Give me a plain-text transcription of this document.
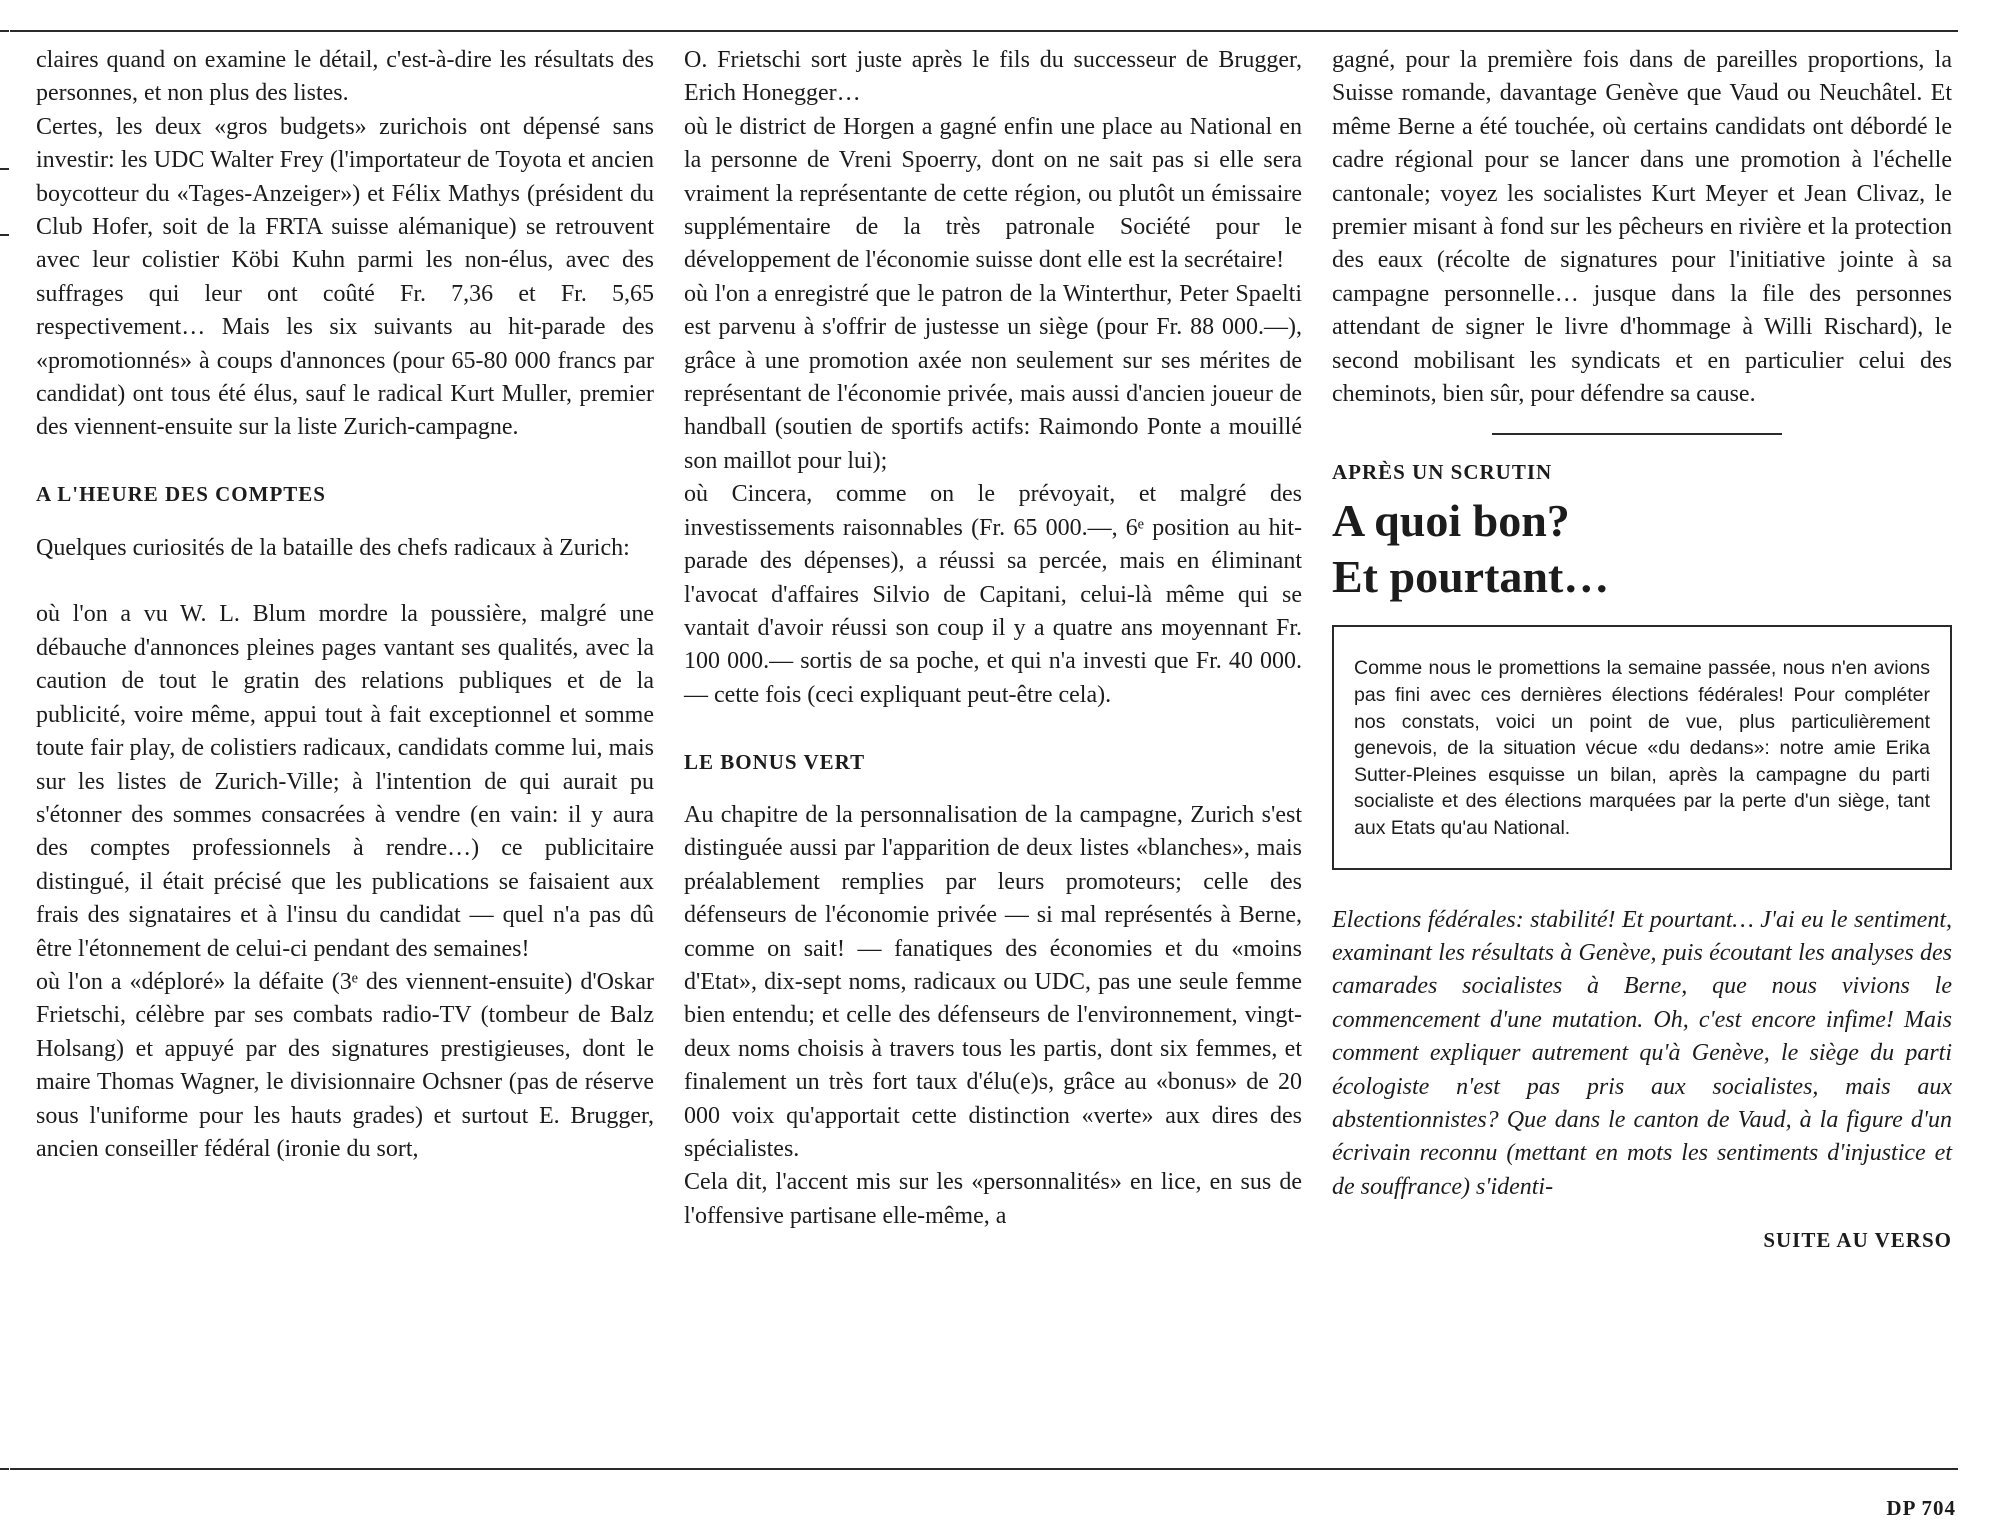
claires quand on examine le détail, c'est-à-dire les résultats des personnes, et non plus des listes.

Certes, les deux «gros budgets» zurichois ont dépensé sans investir: les UDC Walter Frey (l'importateur de Toyota et ancien boycotteur du «Tages-Anzeiger») et Félix Mathys (président du Club Hofer, soit de la FRTA suisse alémanique) se retrouvent avec leur colistier Köbi Kuhn parmi les non-élus, avec des suffrages qui leur ont coûté Fr. 7,36 et Fr. 5,65 respectivement… Mais les six suivants au hit-parade des «promotionnés» à coups d'annonces (pour 65-80 000 francs par candidat) ont tous été élus, sauf le radical Kurt Muller, premier des viennent-ensuite sur la liste Zurich-campagne.

A L'HEURE DES COMPTES

Quelques curiosités de la bataille des chefs radicaux à Zurich:

où l'on a vu W. L. Blum mordre la poussière, malgré une débauche d'annonces pleines pages vantant ses qualités, avec la caution de tout le gratin des relations publiques et de la publicité, voire même, appui tout à fait exceptionnel et somme toute fair play, de colistiers radicaux, candidats comme lui, mais sur les listes de Zurich-Ville; à l'intention de qui aurait pu s'étonner des sommes consacrées à vendre (en vain: il y aura des comptes professionnels à rendre…) ce publicitaire distingué, il était précisé que les publications se faisaient aux frais des signataires et à l'insu du candidat — quel n'a pas dû être l'étonnement de celui-ci pendant des semaines!

où l'on a «déploré» la défaite (3ᵉ des viennent-ensuite) d'Oskar Frietschi, célèbre par ses combats radio-TV (tombeur de Balz Holsang) et appuyé par des signatures prestigieuses, dont le maire Thomas Wagner, le divisionnaire Ochsner (pas de réserve sous l'uniforme pour les hauts grades) et surtout E. Brugger, ancien conseiller fédéral (ironie du sort,

O. Frietschi sort juste après le fils du successeur de Brugger, Erich Honegger…

où le district de Horgen a gagné enfin une place au National en la personne de Vreni Spoerry, dont on ne sait pas si elle sera vraiment la représentante de cette région, ou plutôt un émissaire supplémentaire de la très patronale Société pour le développement de l'économie suisse dont elle est la secrétaire!

où l'on a enregistré que le patron de la Winterthur, Peter Spaelti est parvenu à s'offrir de justesse un siège (pour Fr. 88 000.—), grâce à une promotion axée non seulement sur ses mérites de représentant de l'économie privée, mais aussi d'ancien joueur de handball (soutien de sportifs actifs: Raimondo Ponte a mouillé son maillot pour lui);

où Cincera, comme on le prévoyait, et malgré des investissements raisonnables (Fr. 65 000.—, 6ᵉ position au hit-parade des dépenses), a réussi sa percée, mais en éliminant l'avocat d'affaires Silvio de Capitani, celui-là même qui se vantait d'avoir réussi son coup il y a quatre ans moyennant Fr. 100 000.— sortis de sa poche, et qui n'a investi que Fr. 40 000.— cette fois (ceci expliquant peut-être cela).

LE BONUS VERT

Au chapitre de la personnalisation de la campagne, Zurich s'est distinguée aussi par l'apparition de deux listes «blanches», mais préalablement remplies par leurs promoteurs; celle des défenseurs de l'économie privée — si mal représentés à Berne, comme on sait! — fanatiques des économies et du «moins d'Etat», dix-sept noms, radicaux ou UDC, pas une seule femme bien entendu; et celle des défenseurs de l'environnement, vingt-deux noms choisis à travers tous les partis, dont six femmes, et finalement un très fort taux d'élu(e)s, grâce au «bonus» de 20 000 voix qu'apportait cette distinction «verte» aux dires des spécialistes.

Cela dit, l'accent mis sur les «personnalités» en lice, en sus de l'offensive partisane elle-même, a

gagné, pour la première fois dans de pareilles proportions, la Suisse romande, davantage Genève que Vaud ou Neuchâtel. Et même Berne a été touchée, où certains candidats ont débordé le cadre régional pour se lancer dans une promotion à l'échelle cantonale; voyez les socialistes Kurt Meyer et Jean Clivaz, le premier misant à fond sur les pêcheurs en rivière et la protection des eaux (récolte de signatures pour l'initiative jointe à sa campagne personnelle… jusque dans la file des personnes attendant de signer le livre d'hommage à Willi Rischard), le second mobilisant les syndicats et en particulier celui des cheminots, bien sûr, pour défendre sa cause.

APRÈS UN SCRUTIN

A quoi bon?
Et pourtant…
Comme nous le promettions la semaine passée, nous n'en avions pas fini avec ces dernières élections fédérales! Pour compléter nos constats, voici un point de vue, plus particulièrement genevois, de la situation vécue «du dedans»: notre amie Erika Sutter-Pleines esquisse un bilan, après la campagne du parti socialiste et des élections marquées par la perte d'un siège, tant aux Etats qu'au National.

Elections fédérales: stabilité! Et pourtant… J'ai eu le sentiment, examinant les résultats à Genève, puis écoutant les analyses des camarades socialistes à Berne, que nous vivions le commencement d'une mutation. Oh, c'est encore infime! Mais comment expliquer autrement qu'à Genève, le siège du parti écologiste n'est pas pris aux socialistes, mais aux abstentionnistes? Que dans le canton de Vaud, à la figure d'un écrivain reconnu (mettant en mots les sentiments d'injustice et de souffrance) s'identi-

SUITE AU VERSO

DP 704
